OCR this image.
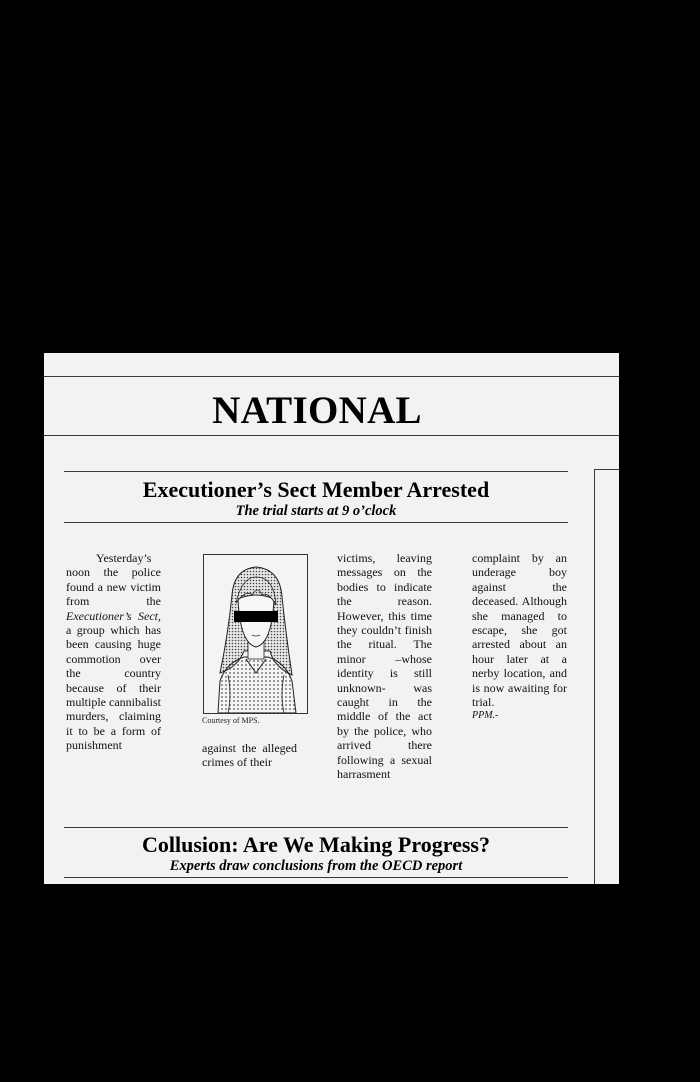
NATIONAL
Executioner’s Sect Member Arrested
The trial starts at 9 o’clock

Yesterday’s noon the police found a new victim from the Executioner’s Sect, a group which has been causing huge commotion over the country because of their multiple cannibalist murders, claiming it to be a form of punishment

Courtesy of MPS.

against the alleged crimes of their

victims, leaving messages on the bodies to indicate the reason. However, this time they couldn’t finish the ritual. The minor –whose identity is still unknown- was caught in the middle of the act by the police, who arrived there following a sexual harrasment

complaint by an underage boy against the deceased. Although she managed to escape, she got arrested about an hour later at a nerby location, and is now awaiting for trial.

PPM.-

Collusion: Are We Making Progress?
Experts draw conclusions from the OECD report
